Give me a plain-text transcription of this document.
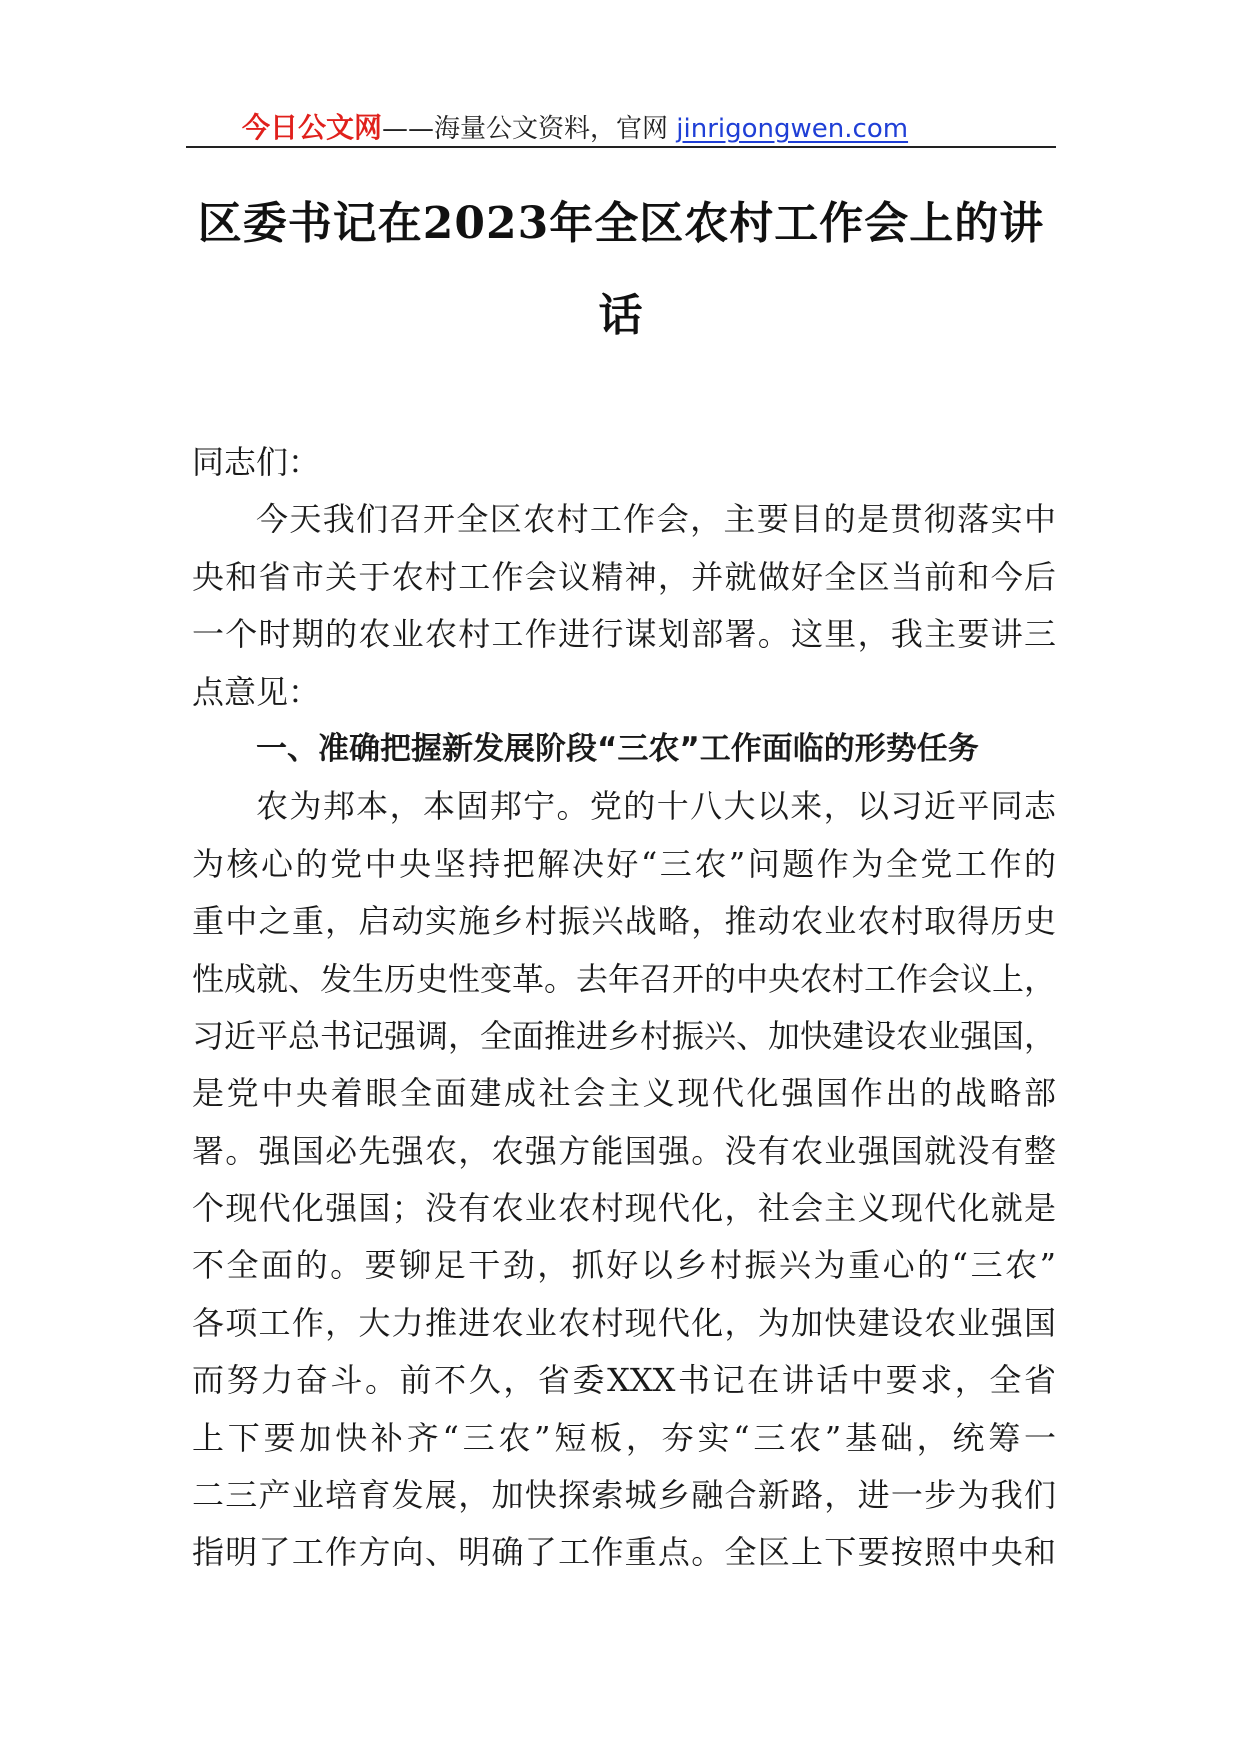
今日公文网——海量公文资料，官网 jinrigongwen.com
区委书记在2023年全区农村工作会上的讲
话
同志们：
今天我们召开全区农村工作会，主要目的是贯彻落实中
央和省市关于农村工作会议精神，并就做好全区当前和今后
一个时期的农业农村工作进行谋划部署。这里，我主要讲三
点意见：
一、准确把握新发展阶段“三农”工作面临的形势任务
农为邦本，本固邦宁。党的十八大以来，以习近平同志
为核心的党中央坚持把解决好“三农”问题作为全党工作的
重中之重，启动实施乡村振兴战略，推动农业农村取得历史
性成就、发生历史性变革。去年召开的中央农村工作会议上，
习近平总书记强调，全面推进乡村振兴、加快建设农业强国，
是党中央着眼全面建成社会主义现代化强国作出的战略部
署。强国必先强农，农强方能国强。没有农业强国就没有整
个现代化强国；没有农业农村现代化，社会主义现代化就是
不全面的。要铆足干劲，抓好以乡村振兴为重心的“三农”
各项工作，大力推进农业农村现代化，为加快建设农业强国
而努力奋斗。前不久，省委XXX书记在讲话中要求，全省
上下要加快补齐“三农”短板，夯实“三农”基础，统筹一
二三产业培育发展，加快探索城乡融合新路，进一步为我们
指明了工作方向、明确了工作重点。全区上下要按照中央和
